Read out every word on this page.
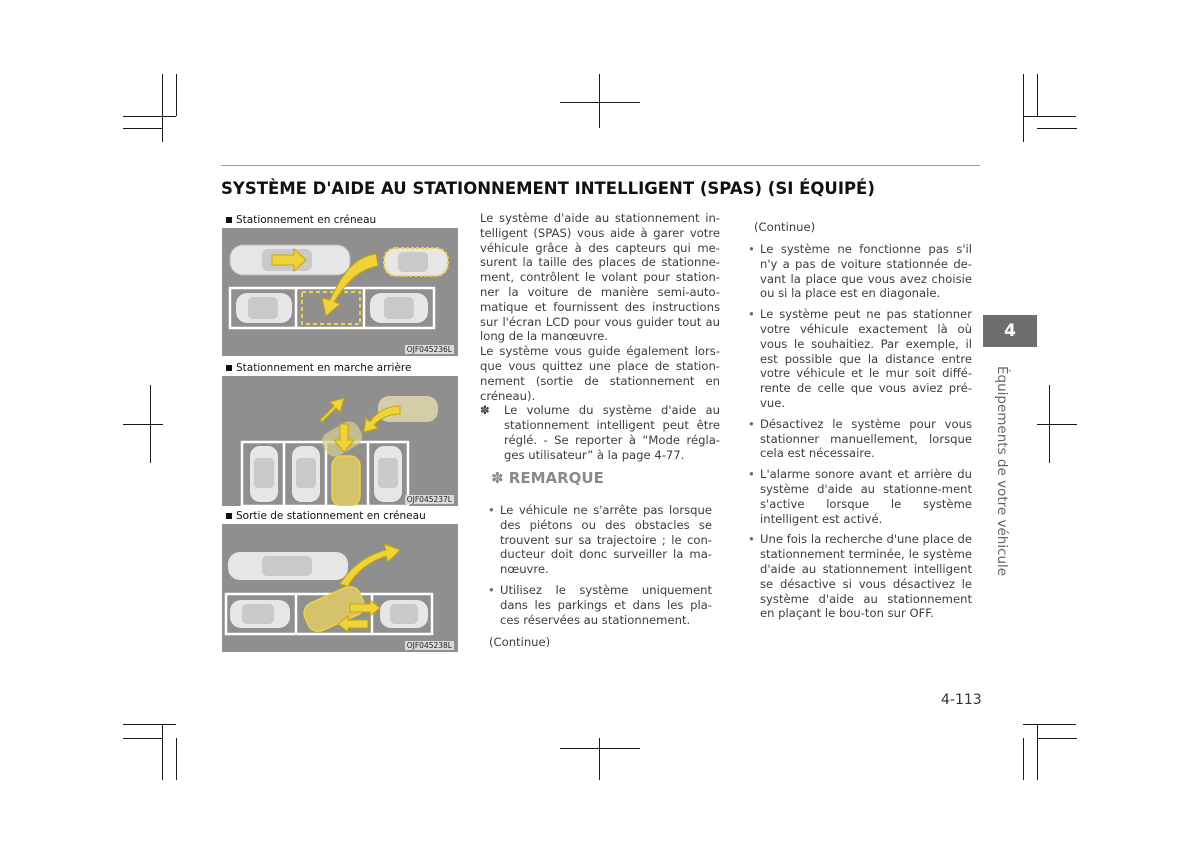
SYSTÈME D'AIDE AU STATIONNEMENT INTELLIGENT (SPAS) (SI ÉQUIPÉ)
Stationnement en créneau
OJF045236L
Stationnement en marche arrière
OJF045237L
Sortie de stationnement en créneau
OJF045238L

Le système d'aide au stationnement in-telligent (SPAS) vous aide à garer votre véhicule grâce à des capteurs qui me-surent la taille des places de stationne-ment, contrôlent le volant pour station-ner la voiture de manière semi-auto-matique et fournissent des instructions sur l'écran LCD pour vous guider tout au long de la manœuvre.

Le système vous guide également lors-que vous quittez une place de station-nement (sortie de stationnement en créneau).

✽ Le volume du système d'aide au stationnement intelligent peut être réglé. - Se reporter à “Mode régla-ges utilisateur” à la page 4-77.
✽ REMARQUE
• Le véhicule ne s'arrête pas lorsque des piétons ou des obstacles se trouvent sur sa trajectoire ; le con-ducteur doit donc surveiller la ma-nœuvre.
• Utilisez le système uniquement dans les parkings et dans les pla-ces réservées au stationnement.
(Continue)
(Continue)
• Le système ne fonctionne pas s'il n'y a pas de voiture stationnée de-vant la place que vous avez choisie ou si la place est en diagonale.
• Le système peut ne pas stationner votre véhicule exactement là où vous le souhaitiez. Par exemple, il est possible que la distance entre votre véhicule et le mur soit diffé-rente de celle que vous aviez pré-vue.
• Désactivez le système pour vous stationner manuellement, lorsque cela est nécessaire.
• L'alarme sonore avant et arrière du système d'aide au stationne-ment s'active lorsque le système intelligent est activé.
• Une fois la recherche d'une place de stationnement terminée, le système d'aide au stationnement intelligent se désactive si vous désactivez le système d'aide au stationnement en plaçant le bou-ton sur OFF.
4
Équipements de votre véhicule
4-113
